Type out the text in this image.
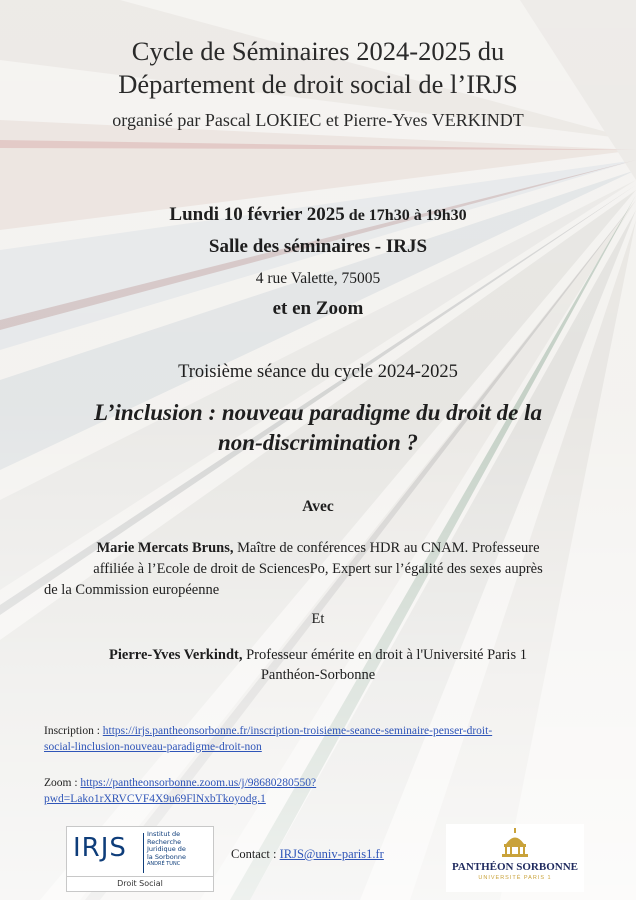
Cycle de Séminaires 2024-2025 du
Département de droit social de l’IRJS
organisé par Pascal LOKIEC et Pierre-Yves VERKINDT
Lundi 10 février 2025 de 17h30 à 19h30
Salle des séminaires - IRJS
4 rue Valette, 75005
et en Zoom
Troisième séance du cycle 2024-2025
L’inclusion : nouveau paradigme du droit de la
non-discrimination ?
Avec
Marie Mercats Bruns, Maître de conférences HDR au CNAM. Professeure
affiliée à l’Ecole de droit de SciencesPo, Expert sur l’égalité des sexes auprès
de la Commission européenne
Et
Pierre-Yves Verkindt, Professeur émérite en droit à l'Université Paris 1
Panthéon-Sorbonne
Inscription : https://irjs.pantheonsorbonne.fr/inscription-troisieme-seance-seminaire-penser-droit-
social-linclusion-nouveau-paradigme-droit-non
Zoom : https://pantheonsorbonne.zoom.us/j/98680280550?
pwd=Lako1rXRVCVF4X9u69FlNxbTkoyodg.1
Contact : IRJS@univ-paris1.fr
IRJS	Institut de
Recherche
Juridique de
la Sorbonne
ANDRÉ TUNC
Droit Social
PANTHÉON SORBONNE
UNIVERSITÉ PARIS 1
